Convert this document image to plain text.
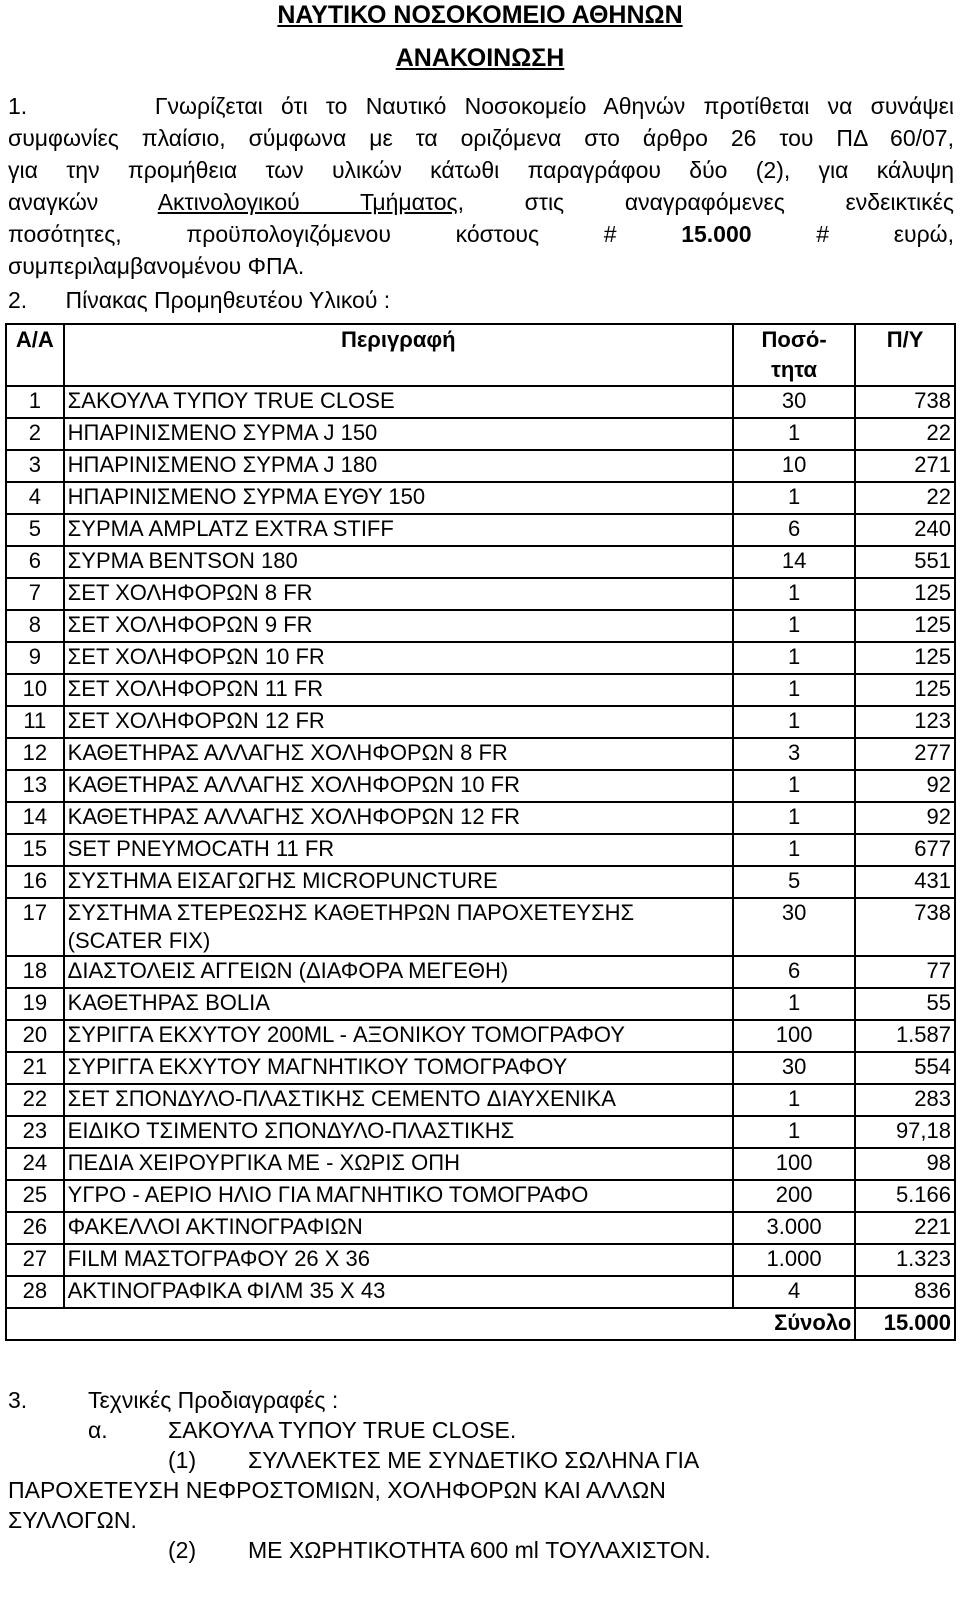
ΝΑΥΤΙΚΟ ΝΟΣΟΚΟΜΕΙΟ ΑΘΗΝΩΝ
ΑΝΑΚΟΙΝΩΣΗ
1.	Γνωρίζεται ότι το Ναυτικό Νοσοκομείο Αθηνών προτίθεται να συνάψει
συμφωνίες πλαίσιο, σύμφωνα με τα οριζόμενα στο άρθρο 26 του ΠΔ 60/07,
για την προμήθεια των υλικών κάτωθι παραγράφου δύο (2), για κάλυψη
αναγκών Ακτινολογικού Τμήματος, στις αναγραφόμενες ενδεικτικές
ποσότητες, προϋπολογιζόμενου κόστους # 15.000	# ευρώ,
συμπεριλαμβανομένου ΦΠΑ.
2. Πίνακας Προμηθευτέου Υλικού :
Α/Α	Περιγραφή	Ποσό-
τητα	Π/Υ
1	ΣΑΚΟΥΛΑ ΤΥΠΟΥ TRUE CLOSE	30	738
2	ΗΠΑΡΙΝΙΣΜΕΝΟ ΣΥΡΜΑ J 150	1	22
3	ΗΠΑΡΙΝΙΣΜΕΝΟ ΣΥΡΜΑ J 180	10	271
4	ΗΠΑΡΙΝΙΣΜΕΝΟ ΣΥΡΜΑ ΕΥΘΥ 150	1	22
5	ΣΥΡΜΑ AMPLATZ EXTRA STIFF	6	240
6	ΣΥΡΜΑ BENTSON 180	14	551
7	ΣΕΤ ΧΟΛΗΦΟΡΩΝ 8 FR	1	125
8	ΣΕΤ ΧΟΛΗΦΟΡΩΝ 9 FR	1	125
9	ΣΕΤ ΧΟΛΗΦΟΡΩΝ 10 FR	1	125
10	ΣΕΤ ΧΟΛΗΦΟΡΩΝ 11 FR	1	125
11	ΣΕΤ ΧΟΛΗΦΟΡΩΝ 12 FR	1	123
12	ΚΑΘΕΤΗΡΑΣ ΑΛΛΑΓΗΣ ΧΟΛΗΦΟΡΩΝ 8 FR	3	277
13	ΚΑΘΕΤΗΡΑΣ ΑΛΛΑΓΗΣ ΧΟΛΗΦΟΡΩΝ 10 FR	1	92
14	ΚΑΘΕΤΗΡΑΣ ΑΛΛΑΓΗΣ ΧΟΛΗΦΟΡΩΝ 12 FR	1	92
15	SET PNEYMOCATH 11 FR	1	677
16	ΣΥΣΤΗΜΑ ΕΙΣΑΓΩΓΗΣ MICROPUNCTURE	5	431
17	ΣΥΣΤΗΜΑ ΣΤΕΡΕΩΣΗΣ ΚΑΘΕΤΗΡΩΝ ΠΑΡΟΧΕΤΕΥΣΗΣ
(SCATER FIX)	30	738
18	ΔΙΑΣΤΟΛΕΙΣ ΑΓΓΕΙΩΝ (ΔΙΑΦΟΡΑ ΜΕΓΕΘΗ)	6	77
19	ΚΑΘΕΤΗΡΑΣ BOLIA	1	55
20	ΣΥΡΙΓΓΑ ΕΚΧΥΤΟΥ 200ML - ΑΞΟΝΙΚΟΥ ΤΟΜΟΓΡΑΦΟΥ	100	1.587
21	ΣΥΡΙΓΓΑ ΕΚΧΥΤΟΥ ΜΑΓΝΗΤΙΚΟΥ ΤΟΜΟΓΡΑΦΟΥ	30	554
22	ΣΕΤ ΣΠΟΝΔΥΛΟ-ΠΛΑΣΤΙΚΗΣ CEMENTO ΔΙΑΥΧΕΝΙΚΑ	1	283
23	ΕΙΔΙΚΟ ΤΣΙΜΕΝΤΟ ΣΠΟΝΔΥΛΟ-ΠΛΑΣΤΙΚΗΣ	1	97,18
24	ΠΕΔΙΑ ΧΕΙΡΟΥΡΓΙΚΑ ΜΕ - ΧΩΡΙΣ ΟΠΗ	100	98
25	ΥΓΡΟ - ΑΕΡΙΟ ΗΛΙΟ ΓΙΑ ΜΑΓΝΗΤΙΚΟ ΤΟΜΟΓΡΑΦΟ	200	5.166
26	ΦΑΚΕΛΛΟΙ ΑΚΤΙΝΟΓΡΑΦΙΩΝ	3.000	221
27	FILM ΜΑΣΤΟΓΡΑΦΟΥ 26 Χ 36	1.000	1.323
28	ΑΚΤΙΝΟΓΡΑΦΙΚΑ ΦΙΛΜ 35 Χ 43	4	836
Σύνολο			15.000
3.	Τεχνικές Προδιαγραφές :
α.	ΣΑΚΟΥΛΑ ΤΥΠΟΥ TRUE CLOSE.
(1) ΣΥΛΛΕΚΤΕΣ ΜΕ ΣΥΝΔΕΤΙΚΟ ΣΩΛΗΝΑ ΓΙΑ
ΠΑΡΟΧΕΤΕΥΣΗ ΝΕΦΡΟΣΤΟΜΙΩΝ, ΧΟΛΗΦΟΡΩΝ ΚΑΙ ΑΛΛΩΝ
ΣΥΛΛΟΓΩΝ.
(2) ΜΕ ΧΩΡΗΤΙΚΟΤΗΤΑ 600 ml ΤΟΥΛΑΧΙΣΤΟΝ.
